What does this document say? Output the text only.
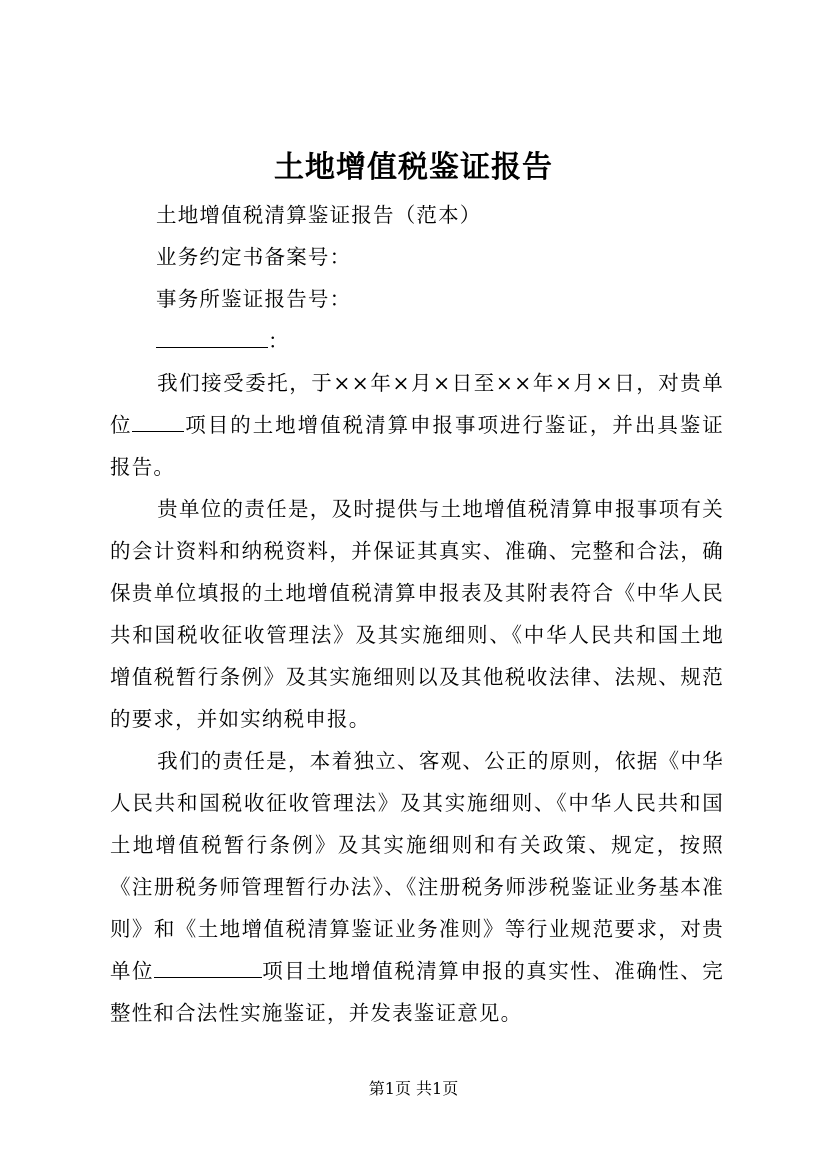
土地增值税鉴证报告

土地增值税清算鉴证报告（范本）

业务约定书备案号：

事务所鉴证报告号：

：

我们接受委托，于××年×月×日至××年×月×日，对贵单位	项目的土地增值税清算申报事项进行鉴证，并出具鉴证报告。

贵单位的责任是，及时提供与土地增值税清算申报事项有关的会计资料和纳税资料，并保证其真实、准确、完整和合法，确保贵单位填报的土地增值税清算申报表及其附表符合《中华人民共和国税收征收管理法》及其实施细则、《中华人民共和国土地增值税暂行条例》及其实施细则以及其他税收法律、法规、规范的要求，并如实纳税申报。

我们的责任是，本着独立、客观、公正的原则，依据《中华人民共和国税收征收管理法》及其实施细则、《中华人民共和国土地增值税暂行条例》及其实施细则和有关政策、规定，按照《注册税务师管理暂行办法》、《注册税务师涉税鉴证业务基本准则》和《土地增值税清算鉴证业务准则》等行业规范要求，对贵单位	项目土地增值税清算申报的真实性、准确性、完整性和合法性实施鉴证，并发表鉴证意见。

第1页 共1页
